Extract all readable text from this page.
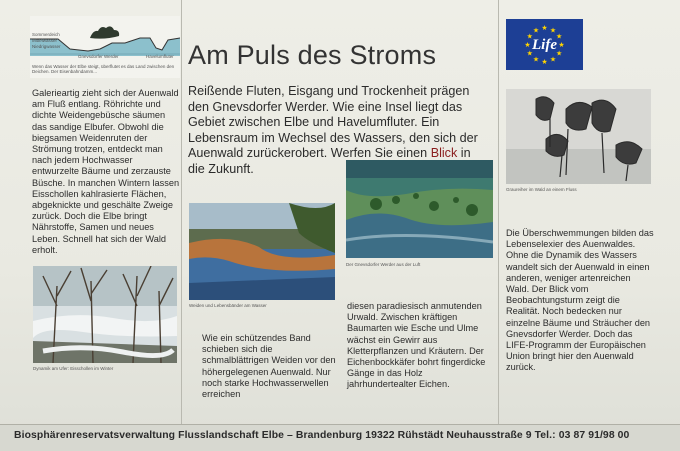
Sommerdeich
Mittelwasser
Niedrigwasser
Gnevsdorfer Werder	Havelumfluter
Wenn das Wasser der Elbe steigt, überflutet es das Land zwischen den Deichen. Der Eisenbahndamm...
Am Puls des Stroms
Reißende Fluten, Eisgang und Trockenheit prägen den Gnevsdorfer Werder. Wie eine Insel liegt das Gebiet zwischen Elbe und Havelumfluter. Ein Lebensraum im Wechsel des Wassers, den sich der Auenwald zurückerobert. Werfen Sie einen Blick in die Zukunft.
Life
★ ★
★
★
★
★
★
★
★
★
★
★

Galerieartig zieht sich der Auenwald am Fluß entlang. Röhrichte und dichte Weidengebüsche säumen das sandige Elbufer. Obwohl die biegsamen Weidenruten der Strömung trotzen, entdeckt man nach jedem Hochwasser entwurzelte Bäume und zerzauste Büsche. In manchen Wintern lassen Eisschollen kahlrasierte Flächen, abgeknickte und geschälte Zweige zurück. Doch die Elbe bringt Nährstoffe, Samen und neues Leben. Schnell hat sich der Wald erholt.

Dynamik am Ufer: Eisschollen im Winter
Weiden und Lebensbänder am Wasser

Wie ein schützendes Band schieben sich die schmalblättrigen Weiden vor den höhergelegenen Auenwald. Nur noch starke Hochwasserwellen erreichen

Der Gnevsdorfer Werder aus der Luft

diesen paradiesisch anmutenden Urwald. Zwischen kräftigen Baumarten wie Esche und Ulme wächst ein Gewirr aus Kletterpflanzen und Kräutern. Der Eichenbockkäfer bohrt fingerdicke Gänge in das Holz jahrhundertealter Eichen.

Graureiher im Wald an einem Fluss

Die Überschwemmungen bilden das Lebenselexier des Auenwaldes. Ohne die Dynamik des Wassers wandelt sich der Auenwald in einen anderen, weniger artenreichen Wald. Der Blick vom Beobachtungsturm zeigt die Realität. Noch bedecken nur einzelne Bäume und Sträucher den Gnevsdorfer Werder. Doch das LIFE-Programm der Europäischen Union bringt hier den Auenwald zurück.

Biosphärenreservatsverwaltung Flusslandschaft Elbe – Brandenburg 19322 Rühstädt Neuhausstraße 9 Tel.: 03 87 91/98 00
